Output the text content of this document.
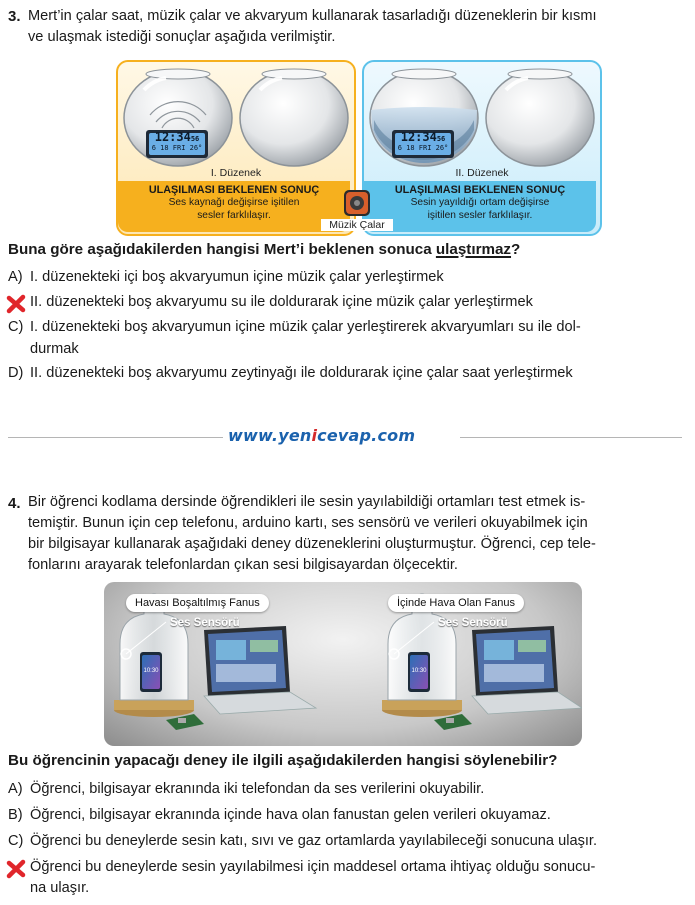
3. Mert’in çalar saat, müzik çalar ve akvaryum kullanarak tasarladığı düzeneklerin bir kısmı
ve ulaşmak istediği sonuçlar aşağıda verilmiştir.
12:3456
6 18 FRI 26°
12:3456
6 18 FRI 26°
I. Düzenek	II. Düzenek
ULAŞILMASI BEKLENEN SONUÇ
Ses kaynağı değişirse işitilen
sesler farklılaşır.
ULAŞILMASI BEKLENEN SONUÇ
Sesin yayıldığı ortam değişirse
işitilen sesler farklılaşır.
Müzik Çalar
Buna göre aşağıdakilerden hangisi Mert’i beklenen sonuca ulaştırmaz?
A) I. düzenekteki içi boş akvaryumun içine müzik çalar yerleştirmek
II. düzenekteki boş akvaryumu su ile doldurarak içine müzik çalar yerleştirmek
C) I. düzenekteki boş akvaryumun içine müzik çalar yerleştirerek akvaryumları su ile dol-
durmak
D) II. düzenekteki boş akvaryumu zeytinyağı ile doldurarak içine çalar saat yerleştirmek
www.yenicevap.com
4. Bir öğrenci kodlama dersinde öğrendikleri ile sesin yayılabildiği ortamları test etmek is-
temiştir. Bunun için cep telefonu, arduino kartı, ses sensörü ve verileri okuyabilmek için
bir bilgisayar kullanarak aşağıdaki deney düzeneklerini oluşturmuştur. Öğrenci, cep tele-
fonlarını arayarak telefonlardan çıkan sesi bilgisayardan ölçecektir.
Havası Boşaltılmış Fanus	İçinde Hava Olan Fanus
Ses Sensörü	Ses Sensörü
10:30	10:30
Bu öğrencinin yapacağı deney ile ilgili aşağıdakilerden hangisi söylenebilir?
A) Öğrenci, bilgisayar ekranında iki telefondan da ses verilerini okuyabilir.
B) Öğrenci, bilgisayar ekranında içinde hava olan fanustan gelen verileri okuyamaz.
C) Öğrenci bu deneylerde sesin katı, sıvı ve gaz ortamlarda yayılabileceği sonucuna ulaşır.
Öğrenci bu deneylerde sesin yayılabilmesi için maddesel ortama ihtiyaç olduğu sonucu-
na ulaşır.
